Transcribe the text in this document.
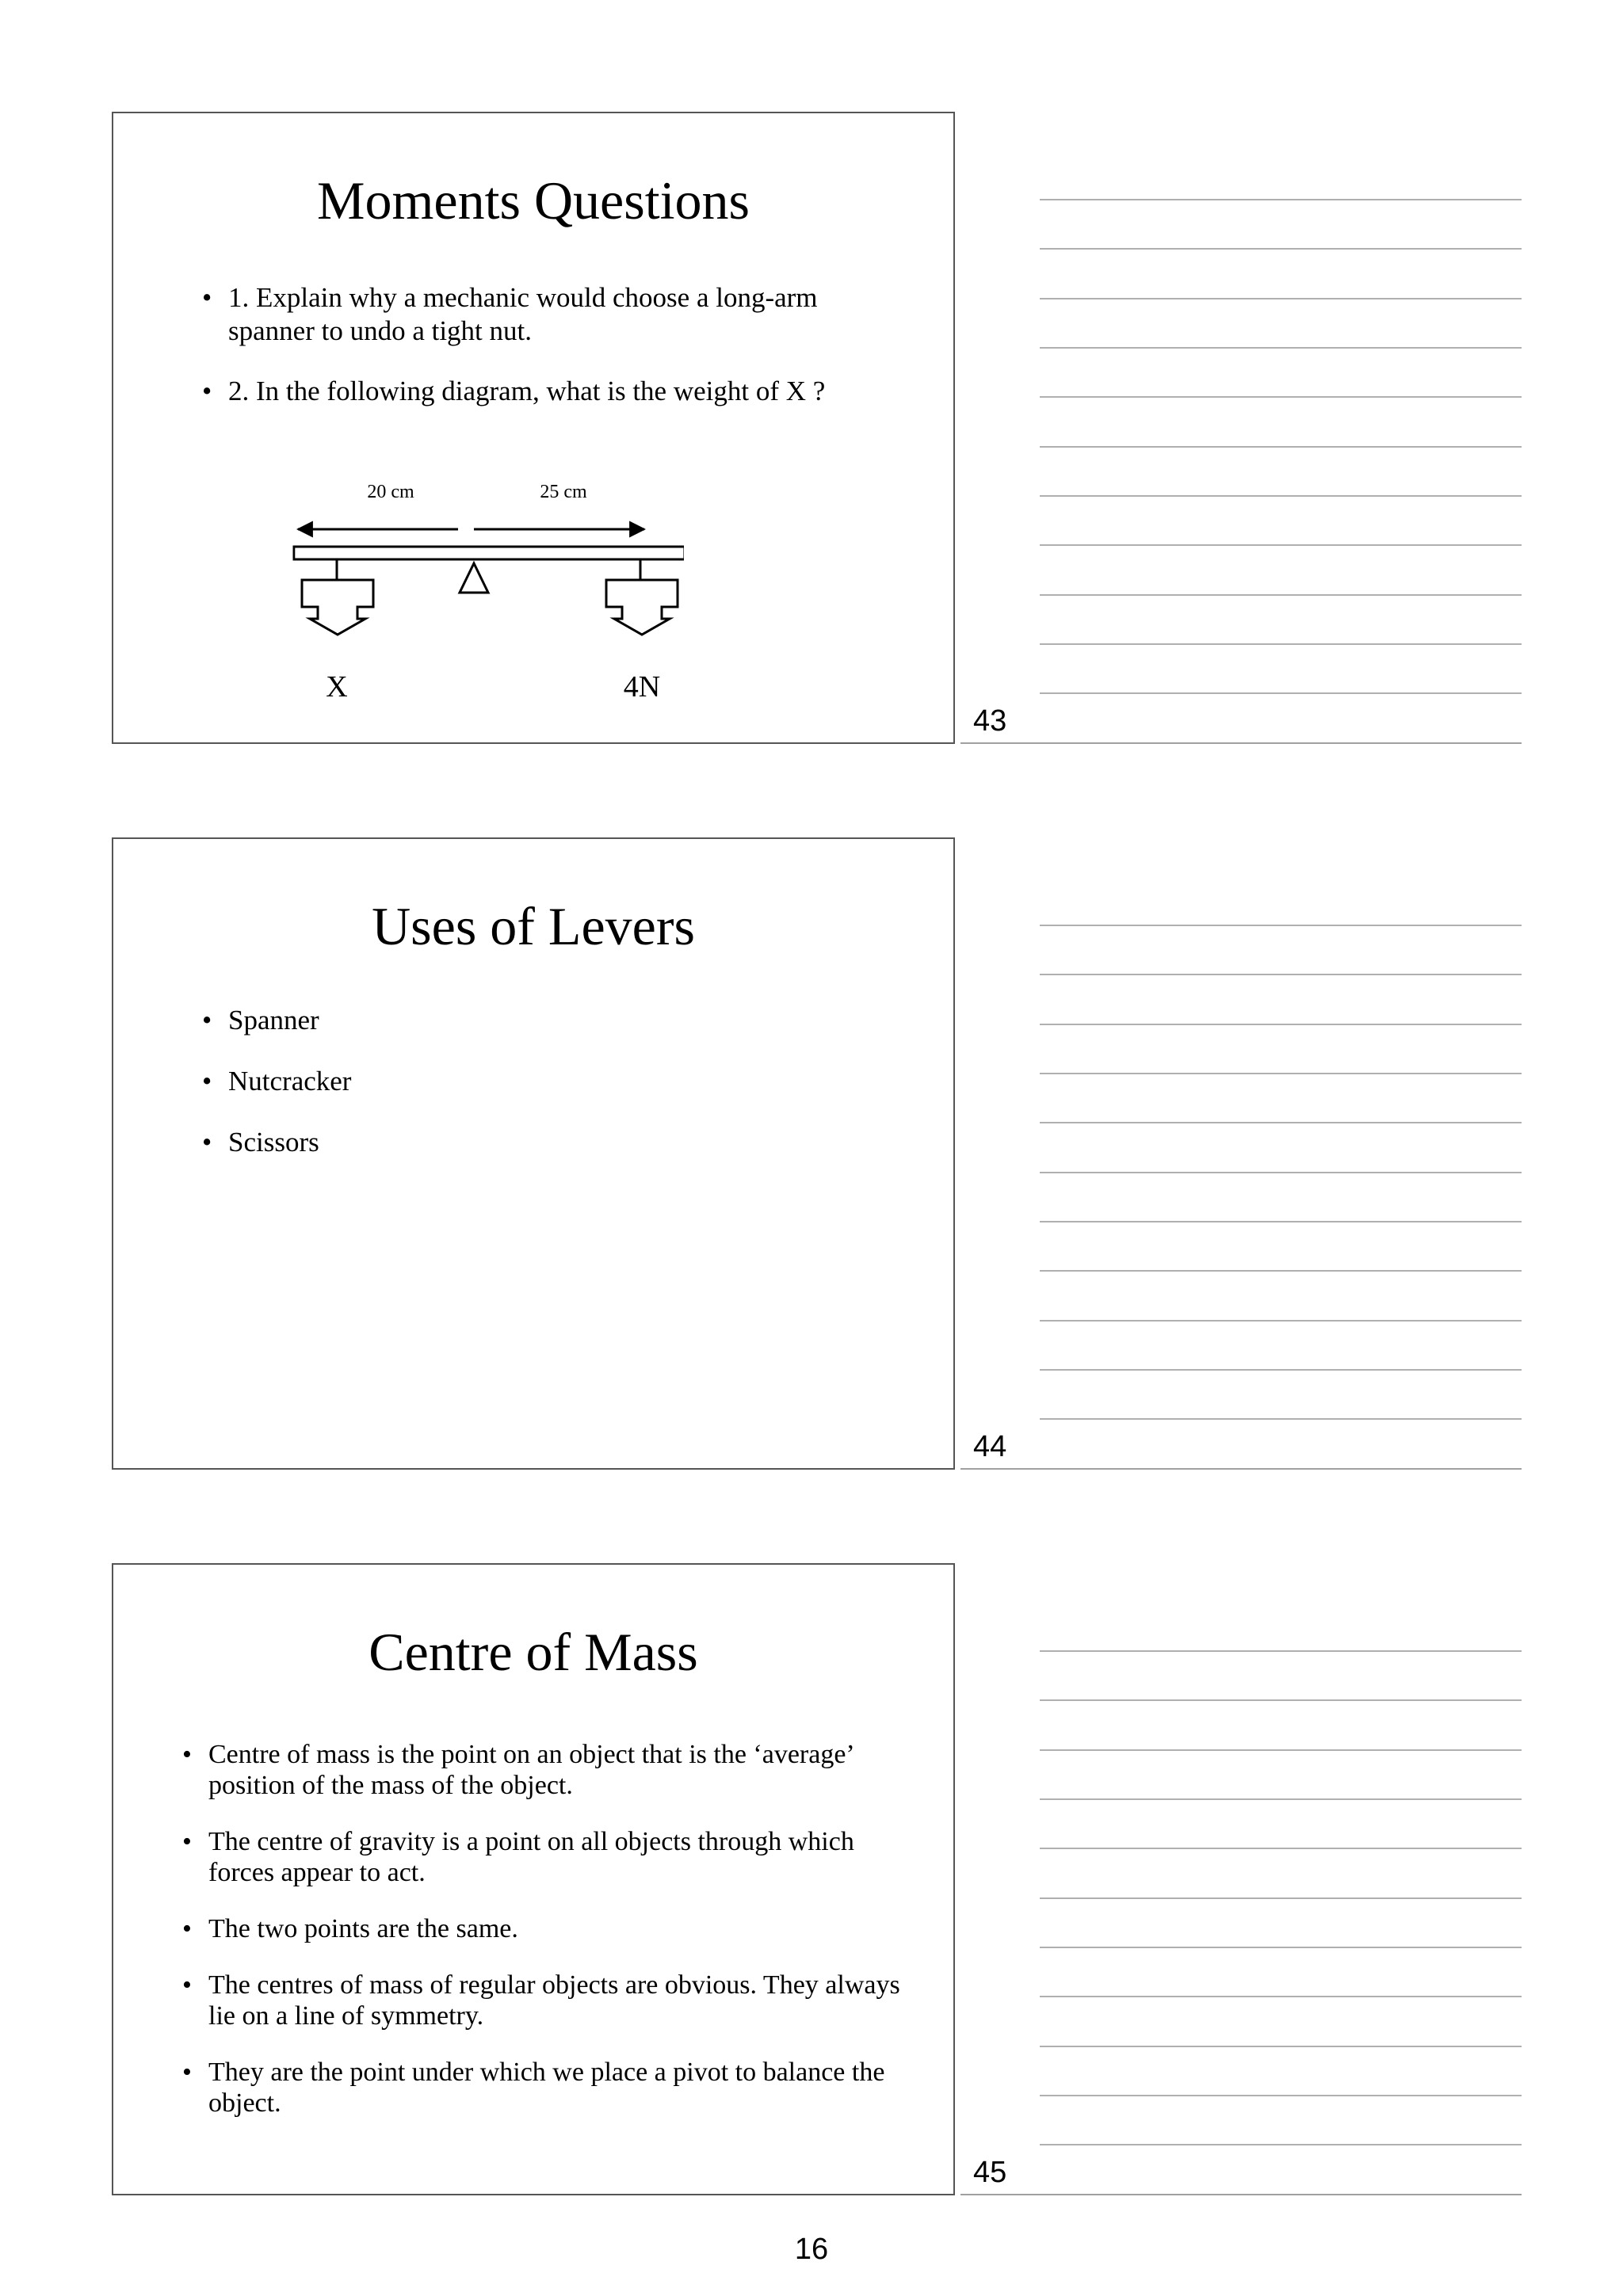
Moments Questions
• 1. Explain why a mechanic would choose a long-arm spanner to undo a tight nut.
• 2. In the following diagram, what is the weight of X ?
20 cm	25 cm
X	4N
43
Uses of Levers
• Spanner
• Nutcracker
• Scissors
44
Centre of Mass
• Centre of mass is the point on an object that is the ‘average’ position of the mass of the object.
• The centre of gravity is a point on all objects through which forces appear to act.
• The two points are the same.
• The centres of mass of regular objects are obvious. They always lie on a line of symmetry.
• They are the point under which we place a pivot to balance the object.
45
16
